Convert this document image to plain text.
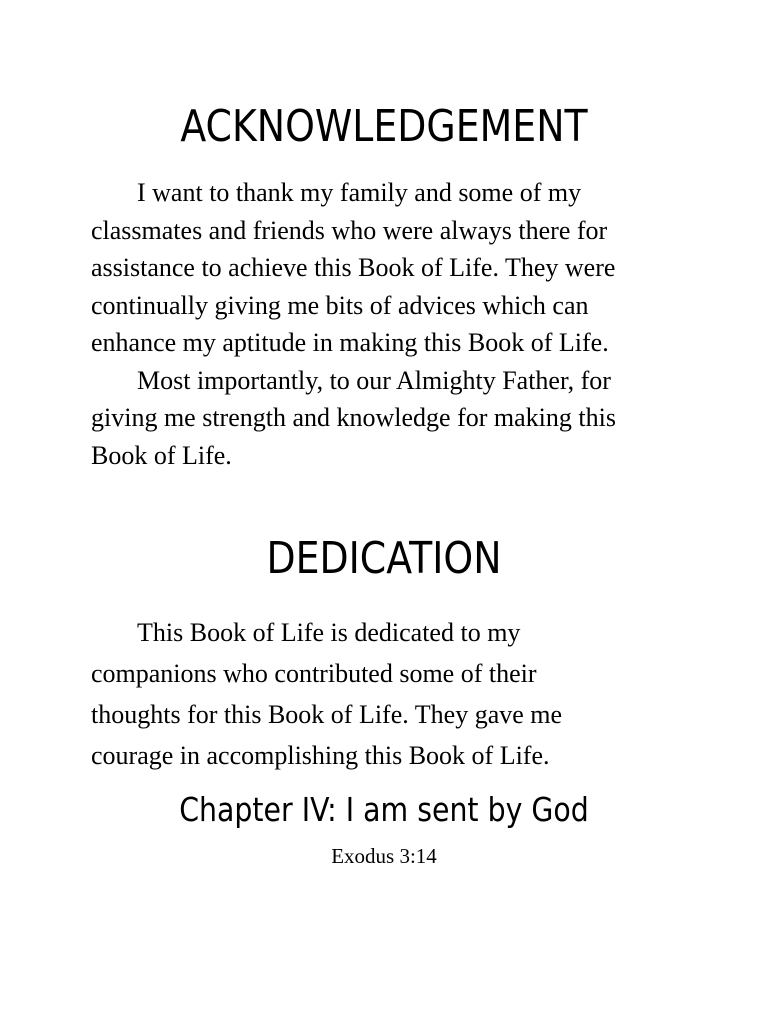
ACKNOWLEDGEMENT
I want to thank my family and some of my
classmates and friends who were always there for
assistance to achieve this Book of Life. They were
continually giving me bits of advices which can
enhance my aptitude in making this Book of Life.
Most importantly, to our Almighty Father, for
giving me strength and knowledge for making this
Book of Life.
DEDICATION
This Book of Life is dedicated to my
companions who contributed some of their
thoughts for this Book of Life. They gave me
courage in accomplishing this Book of Life.
Chapter IV: I am sent by God
Exodus 3:14
